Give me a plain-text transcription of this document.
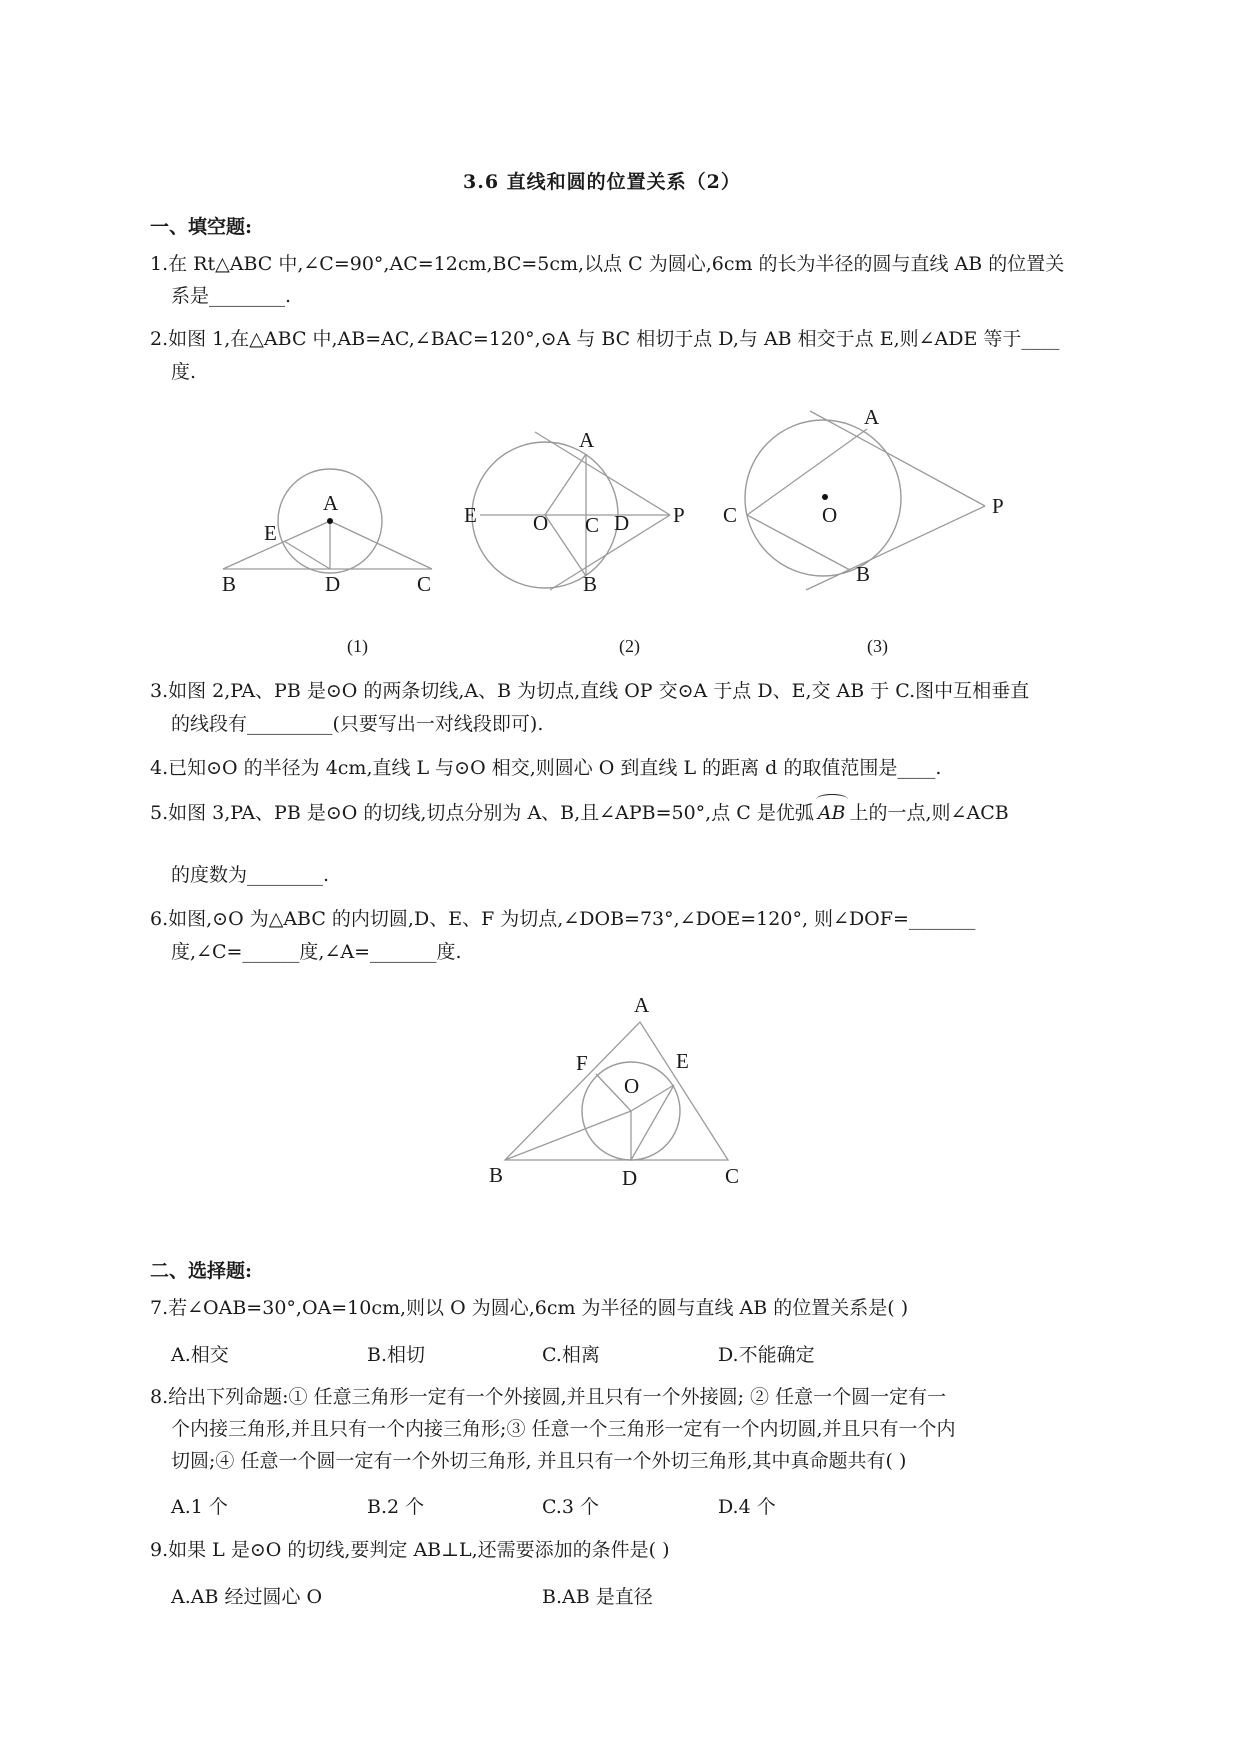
3.6 直线和圆的位置关系（2）
一、填空题:
1.在 Rt△ABC 中,∠C=90°,AC=12cm,BC=5cm,以点 C 为圆心,6cm 的长为半径的圆与直线 AB 的位置关
系是________.
2.如图 1,在△ABC 中,AB=AC,∠BAC=120°,⊙A 与 BC 相切于点 D,与 AB 相交于点 E,则∠ADE 等于____
度.
A
E
B	D	C
A
E	O C D P
B
A
C	O	P
B
(1)	(2)	(3)
3.如图 2,PA、PB 是⊙O 的两条切线,A、B 为切点,直线 OP 交⊙A 于点 D、E,交 AB 于 C.图中互相垂直
的线段有_________(只要写出一对线段即可).
4.已知⊙O 的半径为 4cm,直线 L 与⊙O 相交,则圆心 O 到直线 L 的距离 d 的取值范围是____.
5.如图 3,PA、PB 是⊙O 的切线,切点分别为 A、B,且∠APB=50°,点 C 是优弧 AB 上的一点,则∠ACB
的度数为________.
6.如图,⊙O 为△ABC 的内切圆,D、E、F 为切点,∠DOB=73°,∠DOE=120°, 则∠DOF=_______
度,∠C=______度,∠A=_______度.
A
F	E
O
B	D	C
二、选择题:
7.若∠OAB=30°,OA=10cm,则以 O 为圆心,6cm 为半径的圆与直线 AB 的位置关系是( )
A.相交	B.相切	C.相离	D.不能确定
8.给出下列命题:① 任意三角形一定有一个外接圆,并且只有一个外接圆; ② 任意一个圆一定有一
个内接三角形,并且只有一个内接三角形;③ 任意一个三角形一定有一个内切圆,并且只有一个内
切圆;④ 任意一个圆一定有一个外切三角形, 并且只有一个外切三角形,其中真命题共有( )
A.1 个	B.2 个	C.3 个	D.4 个
9.如果 L 是⊙O 的切线,要判定 AB⊥L,还需要添加的条件是( )
A.AB 经过圆心 O	B.AB 是直径
